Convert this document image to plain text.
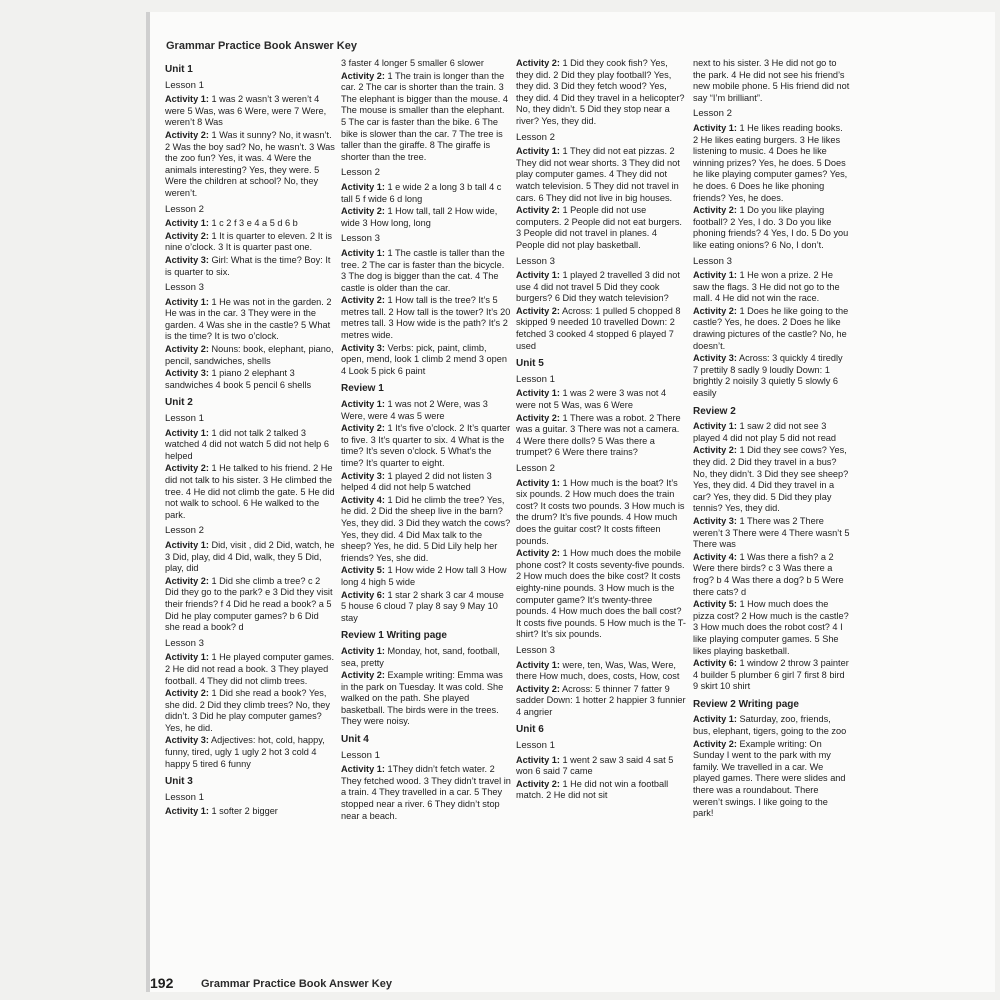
Grammar Practice Book Answer Key

Unit 1

Lesson 1

Activity 1: 1 was 2 wasn’t 3 weren’t 4 were 5 Was, was 6 Were, were 7 Were, weren’t 8 Was

Activity 2: 1 Was it sunny? No, it wasn’t. 2 Was the boy sad? No, he wasn’t. 3 Was the zoo fun? Yes, it was. 4 Were the animals interesting? Yes, they were. 5 Were the children at school? No, they weren’t.

Lesson 2

Activity 1: 1 c 2 f 3 e 4 a 5 d 6 b

Activity 2: 1 It is quarter to eleven. 2 It is nine o’clock. 3 It is quarter past one.

Activity 3: Girl: What is the time? Boy: It is quarter to six.

Lesson 3

Activity 1: 1 He was not in the garden. 2 He was in the car. 3 They were in the garden. 4 Was she in the castle? 5 What is the time? It is two o’clock.

Activity 2: Nouns: book, elephant, piano, pencil, sandwiches, shells

Activity 3: 1 piano 2 elephant 3 sandwiches 4 book 5 pencil 6 shells

Unit 2

Lesson 1

Activity 1: 1 did not talk 2 talked 3 watched 4 did not watch 5 did not help 6 helped

Activity 2: 1 He talked to his friend. 2 He did not talk to his sister. 3 He climbed the tree. 4 He did not climb the gate. 5 He did not walk to school. 6 He walked to the park.

Lesson 2

Activity 1: Did, visit , did 2 Did, watch, he 3 Did, play, did 4 Did, walk, they 5 Did, play, did

Activity 2: 1 Did she climb a tree? c 2 Did they go to the park? e 3 Did they visit their friends? f 4 Did he read a book? a 5 Did he play computer games? b 6 Did she read a book? d

Lesson 3

Activity 1: 1 He played computer games. 2 He did not read a book. 3 They played football. 4 They did not climb trees.

Activity 2: 1 Did she read a book? Yes, she did. 2 Did they climb trees? No, they didn’t. 3 Did he play computer games? Yes, he did.

Activity 3: Adjectives: hot, cold, happy, funny, tired, ugly 1 ugly 2 hot 3 cold 4 happy 5 tired 6 funny

Unit 3

Lesson 1

Activity 1: 1 softer 2 bigger

3 faster 4 longer 5 smaller 6 slower

Activity 2: 1 The train is longer than the car. 2 The car is shorter than the train. 3 The elephant is bigger than the mouse. 4 The mouse is smaller than the elephant. 5 The car is faster than the bike. 6 The bike is slower than the car. 7 The tree is taller than the giraffe. 8 The giraffe is shorter than the tree.

Lesson 2

Activity 1: 1 e wide 2 a long 3 b tall 4 c tall 5 f wide 6 d long

Activity 2: 1 How tall, tall 2 How wide, wide 3 How long, long

Lesson 3

Activity 1: 1 The castle is taller than the tree. 2 The car is faster than the bicycle. 3 The dog is bigger than the cat. 4 The castle is older than the car.

Activity 2: 1 How tall is the tree? It’s 5 metres tall. 2 How tall is the tower? It’s 20 metres tall. 3 How wide is the path? It’s 2 metres wide.

Activity 3: Verbs: pick, paint, climb, open, mend, look 1 climb 2 mend 3 open 4 Look 5 pick 6 paint

Review 1

Activity 1: 1 was not 2 Were, was 3 Were, were 4 was 5 were

Activity 2: 1 It’s five o’clock. 2 It’s quarter to five. 3 It’s quarter to six. 4 What is the time? It’s seven o’clock. 5 What’s the time? It’s quarter to eight.

Activity 3: 1 played 2 did not listen 3 helped 4 did not help 5 watched

Activity 4: 1 Did he climb the tree? Yes, he did. 2 Did the sheep live in the barn? Yes, they did. 3 Did they watch the cows? Yes, they did. 4 Did Max talk to the sheep? Yes, he did. 5 Did Lily help her friends? Yes, she did.

Activity 5: 1 How wide 2 How tall 3 How long 4 high 5 wide

Activity 6: 1 star 2 shark 3 car 4 mouse 5 house 6 cloud 7 play 8 say 9 May 10 stay

Review 1 Writing page

Activity 1: Monday, hot, sand, football, sea, pretty

Activity 2: Example writing: Emma was in the park on Tuesday. It was cold. She walked on the path. She played basketball. The birds were in the trees. They were noisy.

Unit 4

Lesson 1

Activity 1: 1They didn’t fetch water. 2 They fetched wood. 3 They didn’t travel in a train. 4 They travelled in a car. 5 They stopped near a river. 6 They didn’t stop near a beach.

Activity 2: 1 Did they cook fish? Yes, they did. 2 Did they play football? Yes, they did. 3 Did they fetch wood? Yes, they did. 4 Did they travel in a helicopter? No, they didn’t. 5 Did they stop near a river? Yes, they did.

Lesson 2

Activity 1: 1 They did not eat pizzas. 2 They did not wear shorts. 3 They did not play computer games. 4 They did not watch television. 5 They did not travel in cars. 6 They did not live in big houses.

Activity 2: 1 People did not use computers. 2 People did not eat burgers. 3 People did not travel in planes. 4 People did not play basketball.

Lesson 3

Activity 1: 1 played 2 travelled 3 did not use 4 did not travel 5 Did they cook burgers? 6 Did they watch television?

Activity 2: Across: 1 pulled 5 chopped 8 skipped 9 needed 10 travelled Down: 2 fetched 3 cooked 4 stopped 6 played 7 used

Unit 5

Lesson 1

Activity 1: 1 was 2 were 3 was not 4 were not 5 Was, was 6 Were

Activity 2: 1 There was a robot. 2 There was a guitar. 3 There was not a camera. 4 Were there dolls? 5 Was there a trumpet? 6 Were there trains?

Lesson 2

Activity 1: 1 How much is the boat? It’s six pounds. 2 How much does the train cost? It costs two pounds. 3 How much is the drum? It’s five pounds. 4 How much does the guitar cost? It costs fifteen pounds.

Activity 2: 1 How much does the mobile phone cost? It costs seventy-five pounds. 2 How much does the bike cost? It costs eighty-nine pounds. 3 How much is the computer game? It’s twenty-three pounds. 4 How much does the ball cost? It costs five pounds. 5 How much is the T-shirt? It’s six pounds.

Lesson 3

Activity 1: were, ten, Was, Was, Were, there How much, does, costs, How, cost

Activity 2: Across: 5 thinner 7 fatter 9 sadder Down: 1 hotter 2 happier 3 funnier 4 angrier

Unit 6

Lesson 1

Activity 1: 1 went 2 saw 3 said 4 sat 5 won 6 said 7 came

Activity 2: 1 He did not win a football match. 2 He did not sit

next to his sister. 3 He did not go to the park. 4 He did not see his friend’s new mobile phone. 5 His friend did not say “I’m brilliant”.

Lesson 2

Activity 1: 1 He likes reading books. 2 He likes eating burgers. 3 He likes listening to music. 4 Does he like winning prizes? Yes, he does. 5 Does he like playing computer games? Yes, he does. 6 Does he like phoning friends? Yes, he does.

Activity 2: 1 Do you like playing football? 2 Yes, I do. 3 Do you like phoning friends? 4 Yes, I do. 5 Do you like eating onions? 6 No, I don’t.

Lesson 3

Activity 1: 1 He won a prize. 2 He saw the flags. 3 He did not go to the mall. 4 He did not win the race.

Activity 2: 1 Does he like going to the castle? Yes, he does. 2 Does he like drawing pictures of the castle? No, he doesn’t.

Activity 3: Across: 3 quickly 4 tiredly 7 prettily 8 sadly 9 loudly Down: 1 brightly 2 noisily 3 quietly 5 slowly 6 easily

Review 2

Activity 1: 1 saw 2 did not see 3 played 4 did not play 5 did not read

Activity 2: 1 Did they see cows? Yes, they did. 2 Did they travel in a bus? No, they didn’t. 3 Did they see sheep? Yes, they did. 4 Did they travel in a car? Yes, they did. 5 Did they play tennis? Yes, they did.

Activity 3: 1 There was 2 There weren’t 3 There were 4 There wasn’t 5 There was

Activity 4: 1 Was there a fish? a 2 Were there birds? c 3 Was there a frog? b 4 Was there a dog? b 5 Were there cats? d

Activity 5: 1 How much does the pizza cost? 2 How much is the castle? 3 How much does the robot cost? 4 I like playing computer games. 5 She likes playing basketball.

Activity 6: 1 window 2 throw 3 painter 4 builder 5 plumber 6 girl 7 first 8 bird 9 skirt 10 shirt

Review 2 Writing page

Activity 1: Saturday, zoo, friends, bus, elephant, tigers, going to the zoo

Activity 2: Example writing: On Sunday I went to the park with my family. We travelled in a car. We played games. There were slides and there was a roundabout. There weren’t swings. I like going to the park!

192	Grammar Practice Book Answer Key
